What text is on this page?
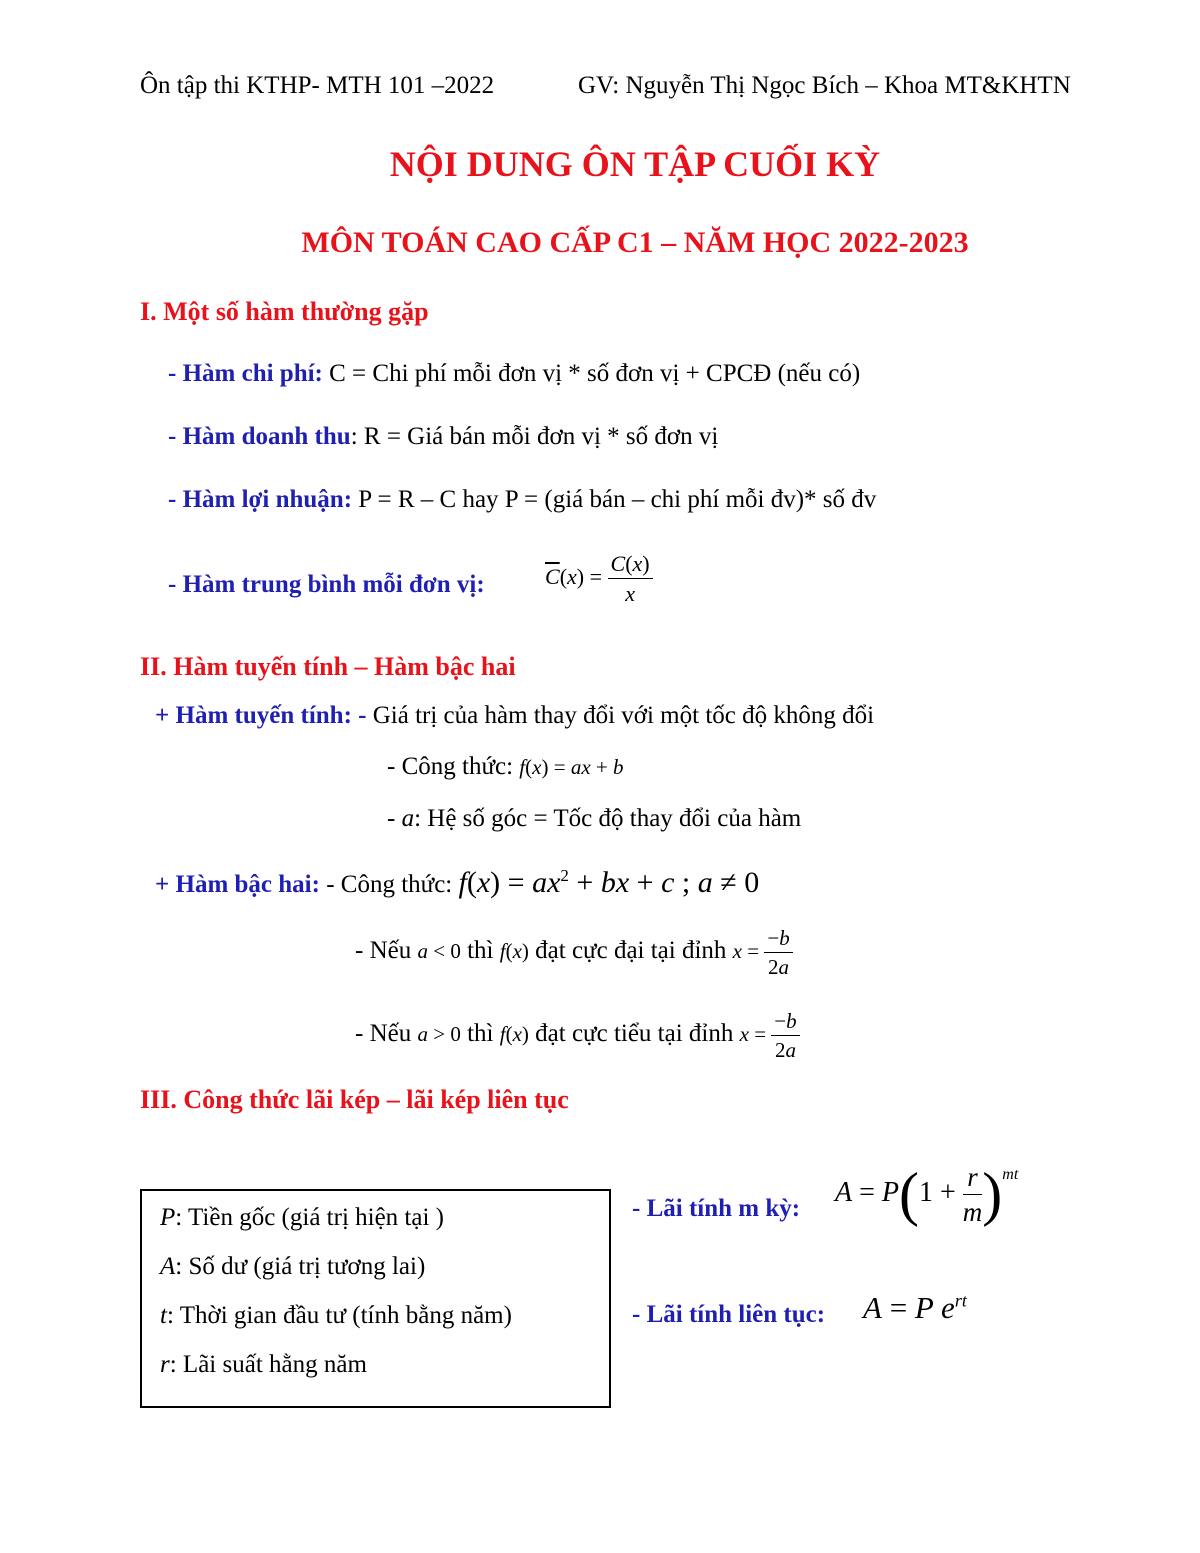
Ôn tập thi KTHP- MTH 101 –2022	GV: Nguyễn Thị Ngọc Bích – Khoa MT&KHTN
NỘI DUNG ÔN TẬP CUỐI KỲ
MÔN TOÁN CAO CẤP C1 – NĂM HỌC 2022-2023
I. Một số hàm thường gặp
- Hàm chi phí: C = Chi phí mỗi đơn vị * số đơn vị + CPCĐ (nếu có)
- Hàm doanh thu: R = Giá bán mỗi đơn vị * số đơn vị
- Hàm lợi nhuận: P = R – C hay P = (giá bán – chi phí mỗi đv)* số đv
- Hàm trung bình mỗi đơn vị:	$\overline{C}(x) = \frac{C(x)}{x}$
II. Hàm tuyến tính – Hàm bậc hai
+ Hàm tuyến tính: - Giá trị của hàm thay đổi với một tốc độ không đổi
- Công thức: f(x) = ax + b
- a: Hệ số góc = Tốc độ thay đổi của hàm
+ Hàm bậc hai: - Công thức: $f(x) = ax^2$ + bx + c ; a ≠ 0
- Nếu a < 0 thì f(x) đạt cực đại tại đỉnh $x = \frac{-b}{2a}$
- Nếu a > 0 thì f(x) đạt cực tiểu tại đỉnh $x = \frac{-b}{2a}$
III. Công thức lãi kép – lãi kép liên tục
P: Tiền gốc (giá trị hiện tại )
A: Số dư (giá trị tương lai)
t: Thời gian đầu tư (tính bằng năm)
r: Lãi suất hằng năm
- Lãi tính m kỳ:
$A = P(1 + \frac{r}{m} )^{mt}$
- Lãi tính liên tục: A = P $e^{rt}$
